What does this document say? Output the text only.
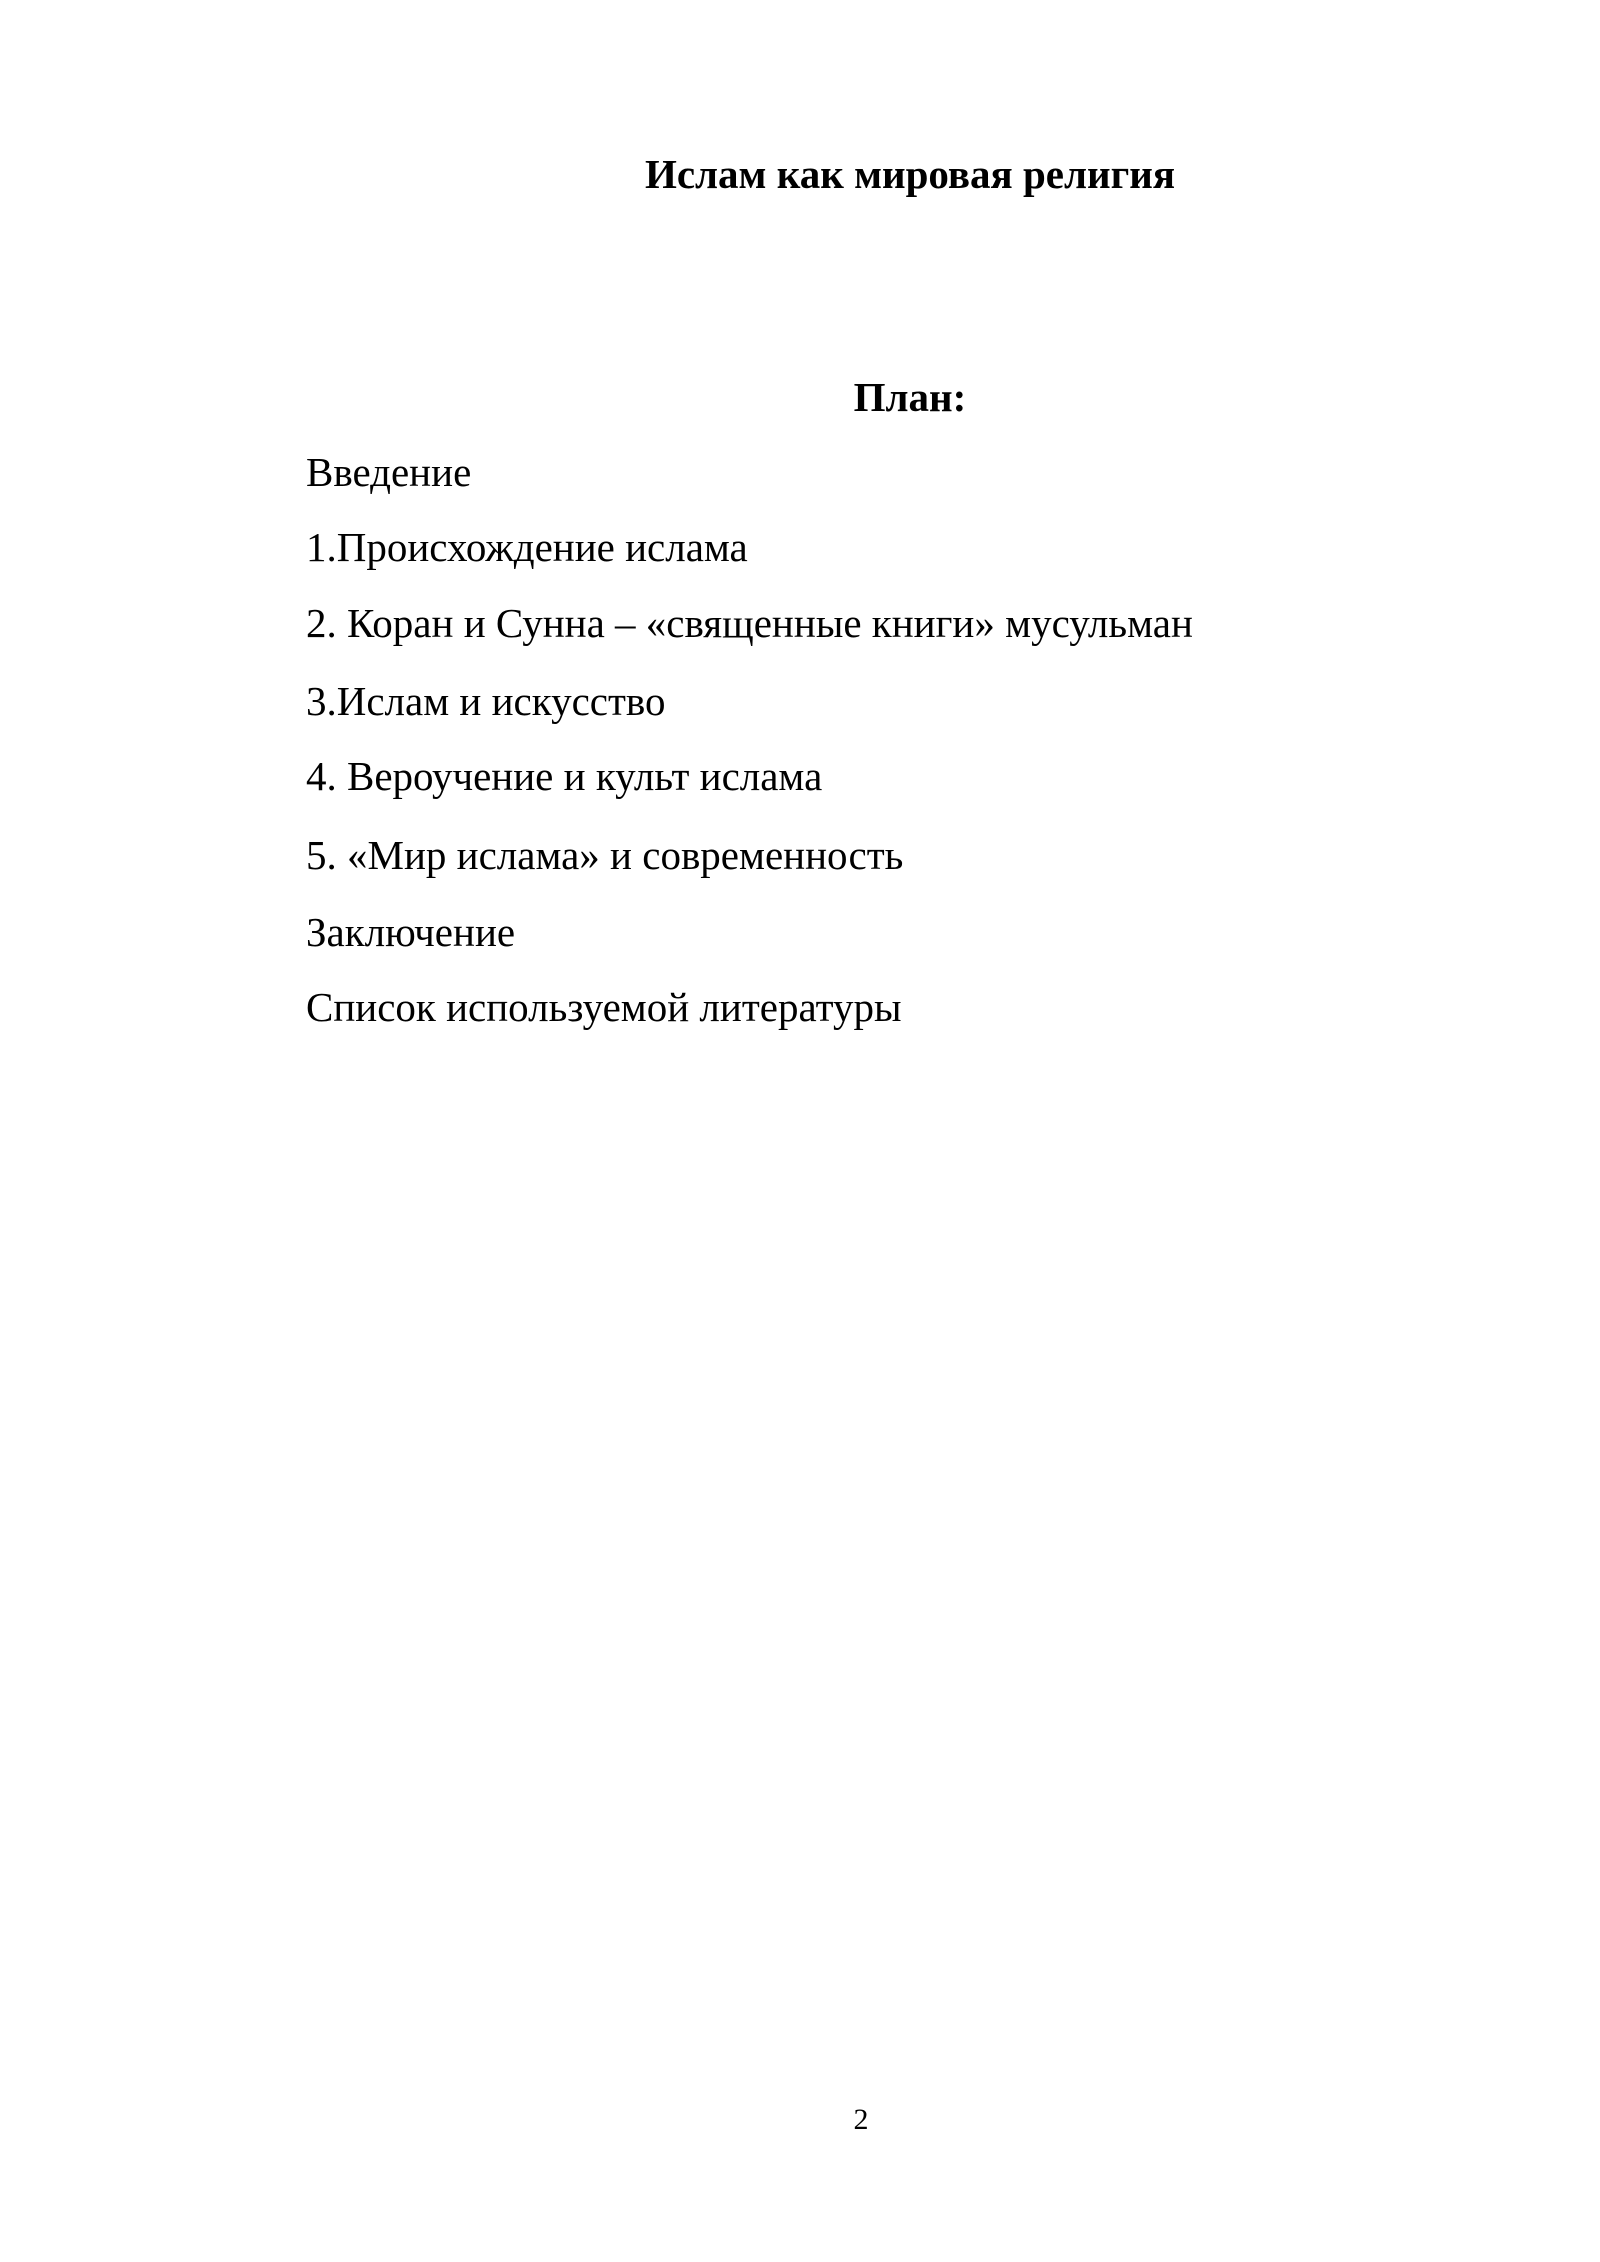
Ислам как мировая религия
План:
Введение
1.Происхождение ислама
2. Коран и Сунна – «священные книги» мусульман
3.Ислам и искусство
4. Вероучение и культ ислама
5. «Мир ислама» и современность
Заключение
Список используемой литературы
2
